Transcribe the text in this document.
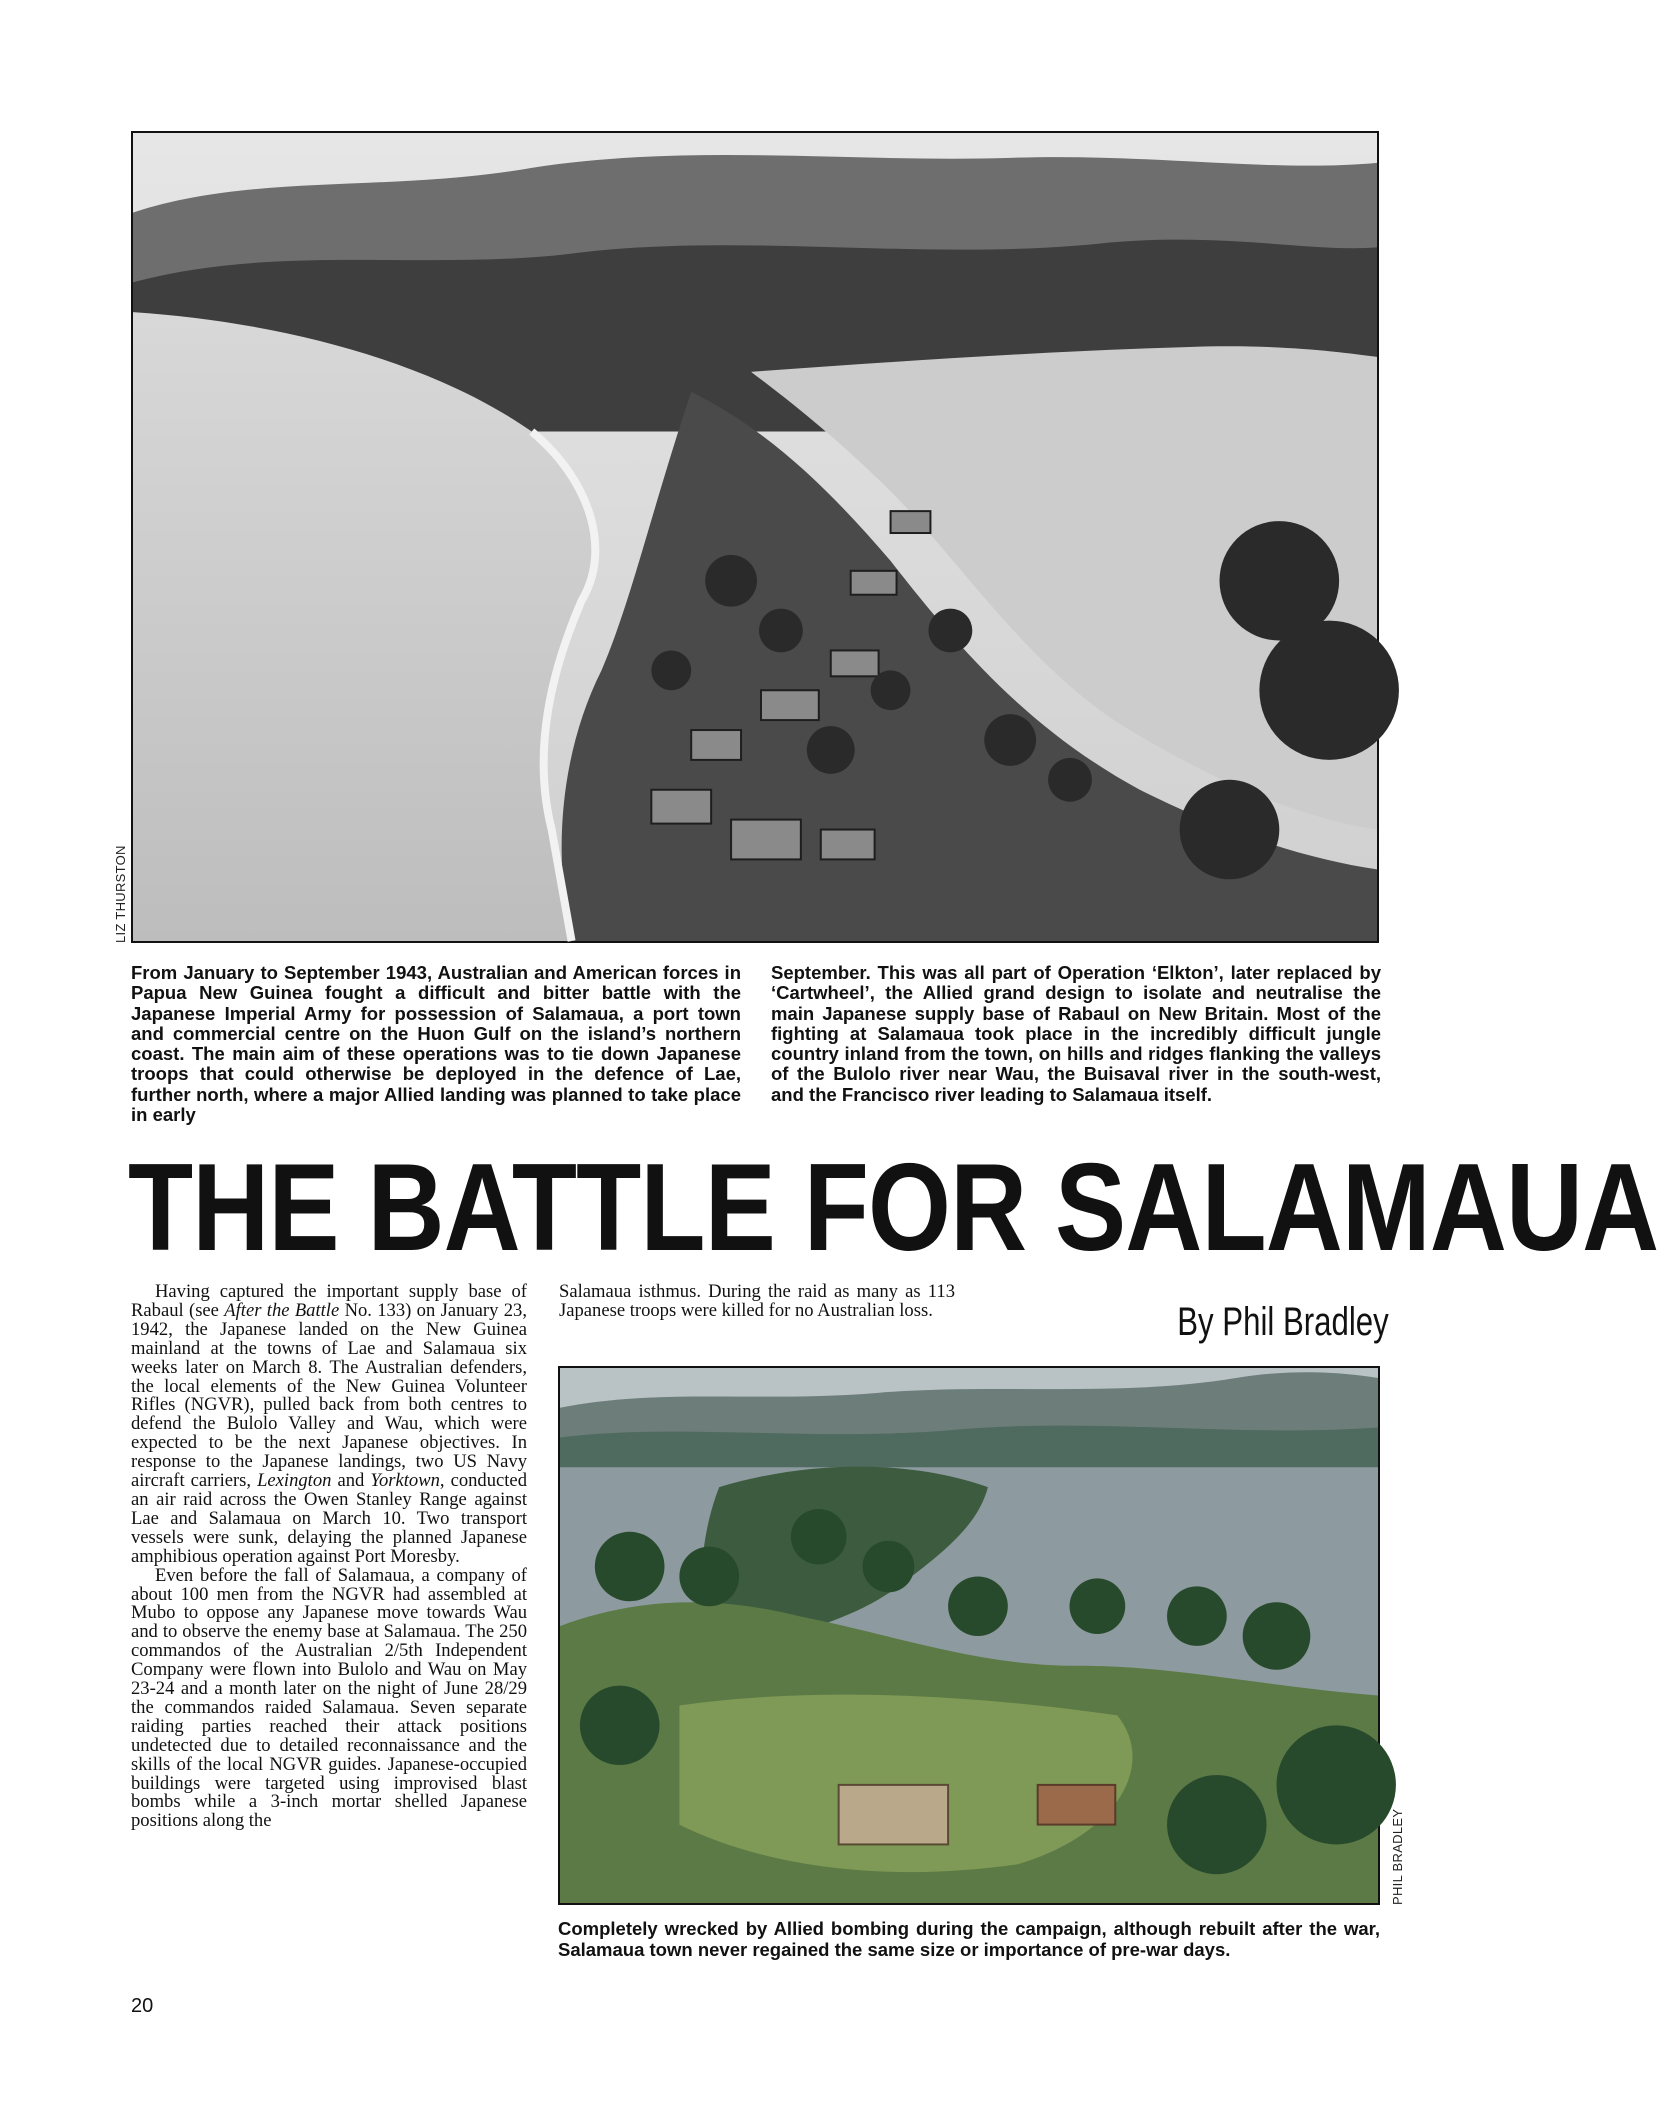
LIZ THURSTON
From January to September 1943, Australian and American forces in Papua New Guinea fought a difficult and bitter battle with the Japanese Imperial Army for possession of Salamaua, a port town and commercial centre on the Huon Gulf on the island’s northern coast. The main aim of these operations was to tie down Japanese troops that could otherwise be deployed in the defence of Lae, further north, where a major Allied landing was planned to take place in early
September. This was all part of Operation ‘Elkton’, later replaced by ‘Cartwheel’, the Allied grand design to isolate and neutralise the main Japanese supply base of Rabaul on New Britain. Most of the fighting at Salamaua took place in the incredibly difficult jungle country inland from the town, on hills and ridges flanking the valleys of the Bulolo river near Wau, the Buisaval river in the south-west, and the Francisco river leading to Salamaua itself.
THE BATTLE FOR SALAMAUA
By Phil Bradley

Having captured the important supply base of Rabaul (see After the Battle No. 133) on January 23, 1942, the Japanese landed on the New Guinea mainland at the towns of Lae and Salamaua six weeks later on March 8. The Australian defenders, the local elements of the New Guinea Volunteer Rifles (NGVR), pulled back from both centres to defend the Bulolo Valley and Wau, which were expected to be the next Japanese objectives. In response to the Japanese landings, two US Navy aircraft carriers, Lexington and Yorktown, conducted an air raid across the Owen Stanley Range against Lae and Salamaua on March 10. Two transport vessels were sunk, delaying the planned Japanese amphibious operation against Port Moresby.

Even before the fall of Salamaua, a company of about 100 men from the NGVR had assembled at Mubo to oppose any Japanese move towards Wau and to observe the enemy base at Salamaua. The 250 commandos of the Australian 2/5th Independent Company were flown into Bulolo and Wau on May 23-24 and a month later on the night of June 28/29 the commandos raided Salamaua. Seven separate raiding parties reached their attack positions undetected due to detailed reconnaissance and the skills of the local NGVR guides. Japanese-occupied buildings were targeted using improvised blast bombs while a 3-inch mortar shelled Japanese positions along the

Salamaua isthmus. During the raid as many as 113 Japanese troops were killed for no Australian loss.

PHIL BRADLEY
Completely wrecked by Allied bombing during the campaign, although rebuilt after the war, Salamaua town never regained the same size or importance of pre-war days.
20
